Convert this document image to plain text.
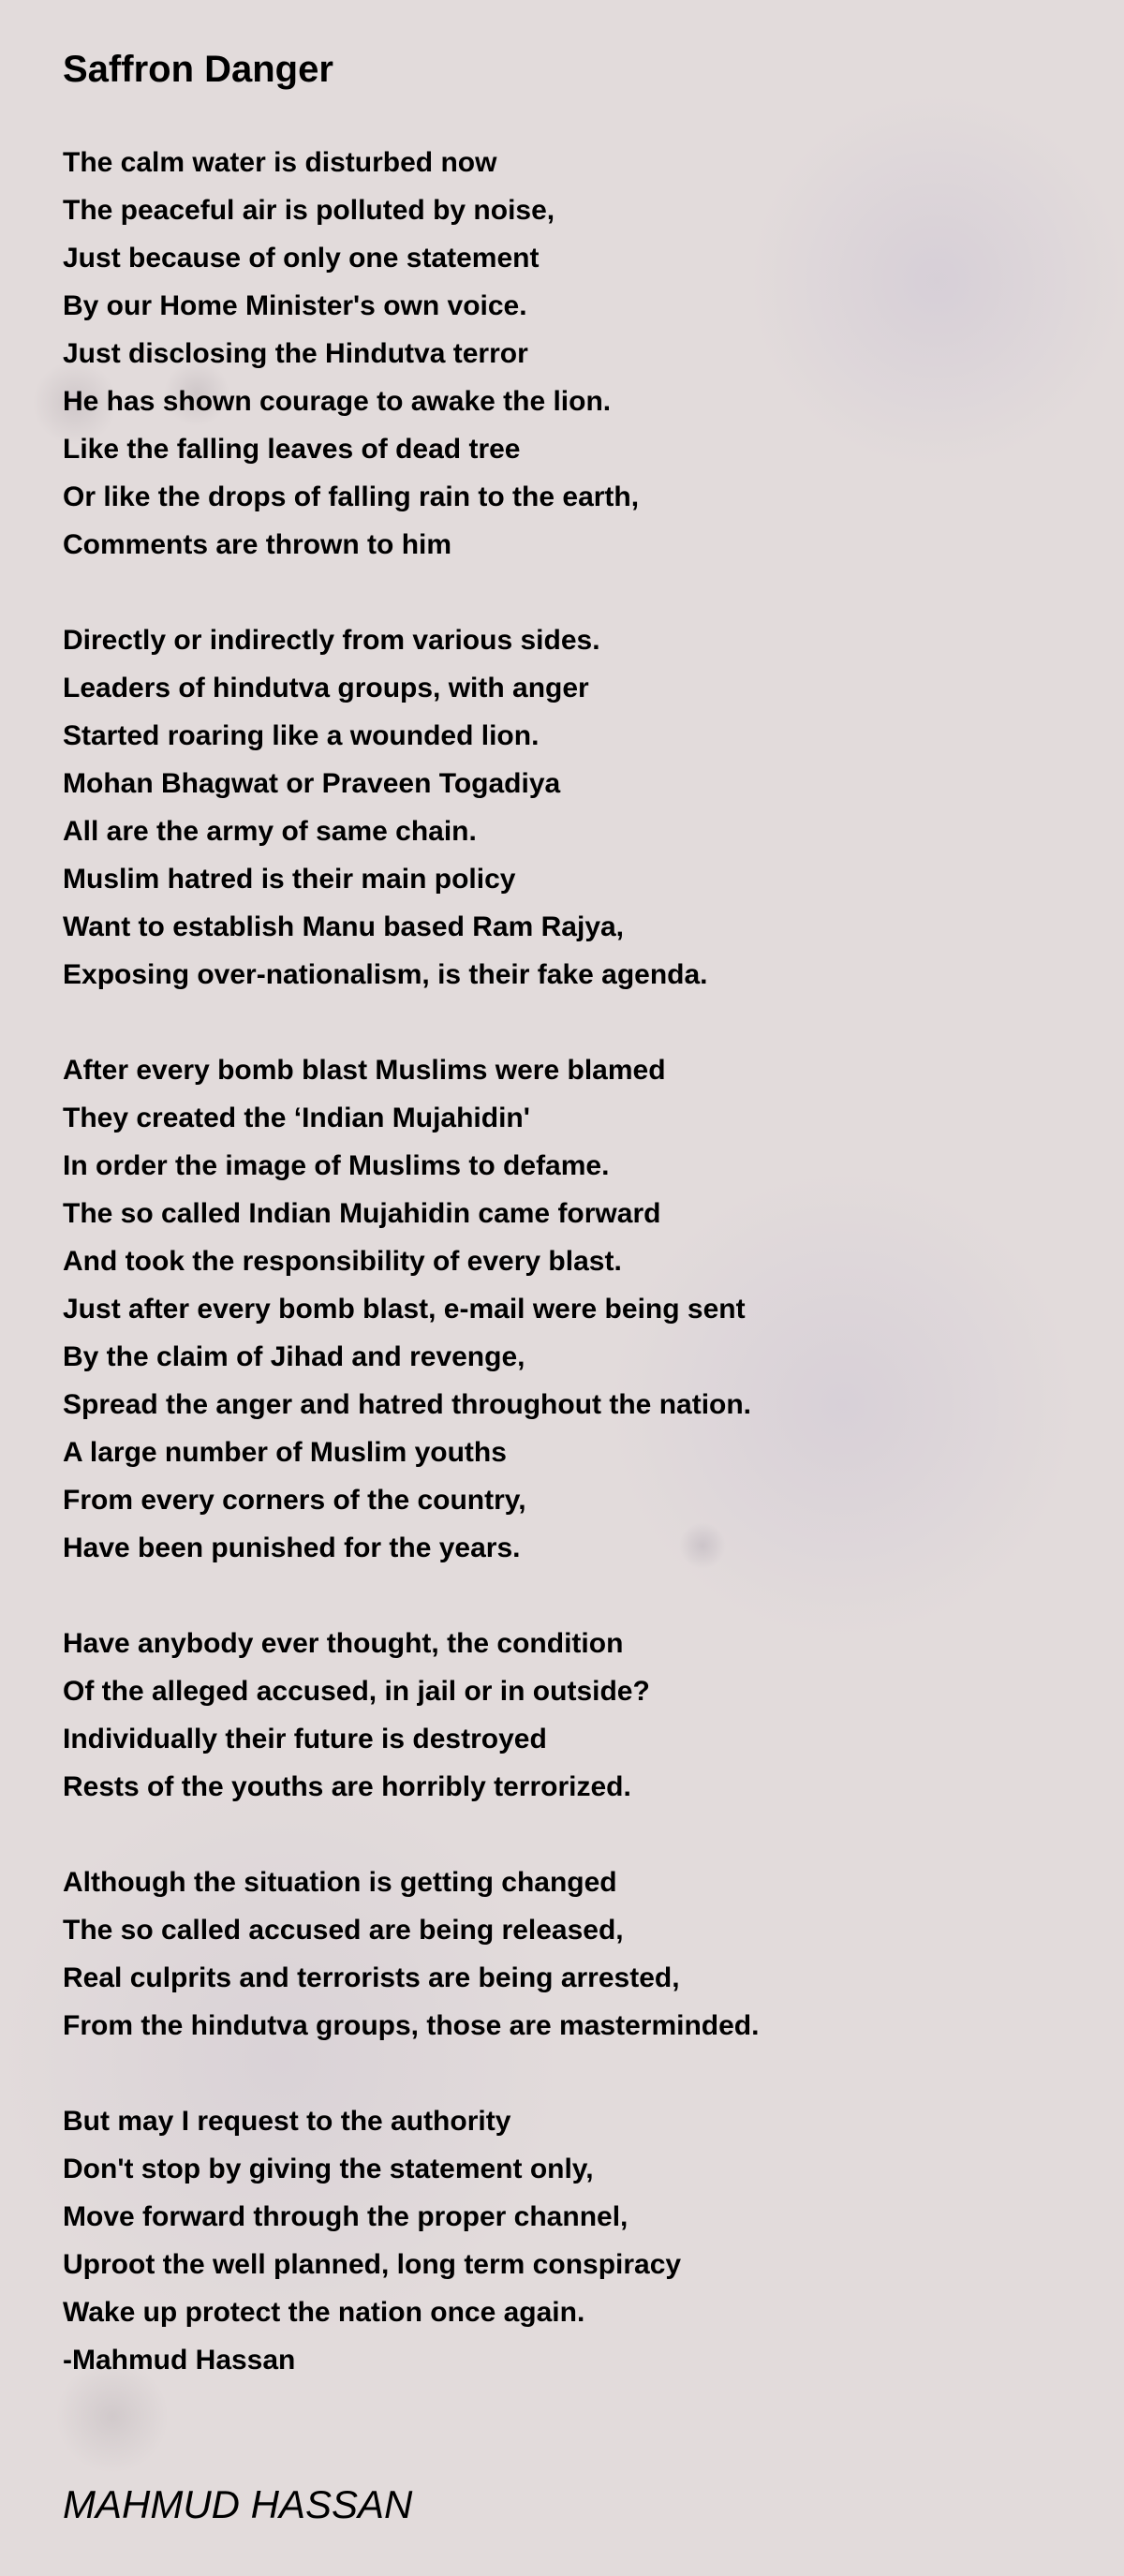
Saffron Danger
The calm water is disturbed now
The peaceful air is polluted by noise,
Just because of only one statement
By our Home Minister's own voice.
Just disclosing the Hindutva terror
He has shown courage to awake the lion.
Like the falling leaves of dead tree
Or like the drops of falling rain to the earth,
Comments are thrown to him
Directly or indirectly from various sides.
Leaders of hindutva groups, with anger
Started roaring like a wounded lion.
Mohan Bhagwat or Praveen Togadiya
All are the army of same chain.
Muslim hatred is their main policy
Want to establish Manu based Ram Rajya,
Exposing over-nationalism, is their fake agenda.
After every bomb blast Muslims were blamed
They created the ‘Indian Mujahidin'
In order the image of Muslims to defame.
The so called Indian Mujahidin came forward
And took the responsibility of every blast.
Just after every bomb blast, e-mail were being sent
By the claim of Jihad and revenge,
Spread the anger and hatred throughout the nation.
A large number of Muslim youths
From every corners of the country,
Have been punished for the years.
Have anybody ever thought, the condition
Of the alleged accused, in jail or in outside?
Individually their future is destroyed
Rests of the youths are horribly terrorized.
Although the situation is getting changed
The so called accused are being released,
Real culprits and terrorists are being arrested,
From the hindutva groups, those are masterminded.
But may I request to the authority
Don't stop by giving the statement only,
Move forward through the proper channel,
Uproot the well planned, long term conspiracy
Wake up protect the nation once again.
-Mahmud Hassan
MAHMUD HASSAN
